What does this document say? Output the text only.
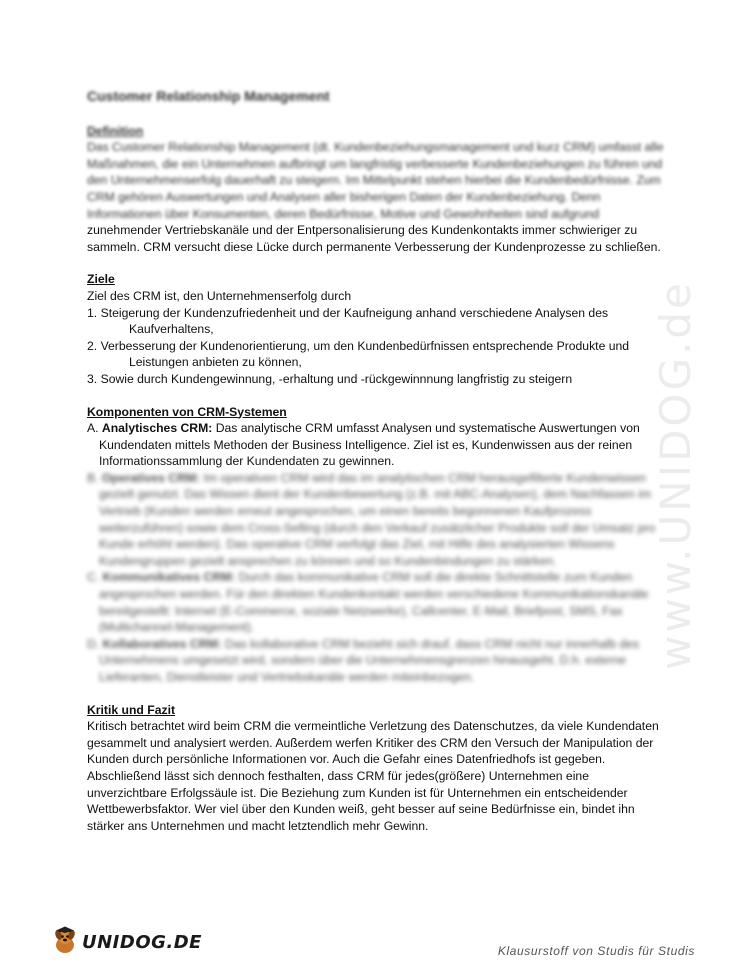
www.UNIDOG.de
Customer Relationship Management

Definition

Das Customer Relationship Management (dt. Kundenbeziehungsmanagement und kurz CRM) umfasst alle Maßnahmen, die ein Unternehmen aufbringt um langfristig verbesserte Kundenbeziehungen zu führen und den Unternehmenserfolg dauerhaft zu steigern. Im Mittelpunkt stehen hierbei die Kundenbedürfnisse. Zum CRM gehören Auswertungen und Analysen aller bisherigen Daten der Kundenbeziehung. Denn Informationen über Konsumenten, deren Bedürfnisse, Motive und Gewohnheiten sind aufgrund

zunehmender Vertriebskanäle und der Entpersonalisierung des Kundenkontakts immer schwieriger zu sammeln. CRM versucht diese Lücke durch permanente Verbesserung der Kundenprozesse zu schließen.

Ziele

Ziel des CRM ist, den Unternehmenserfolg durch

1. Steigerung der Kundenzufriedenheit und der Kaufneigung anhand verschiedene Analysen des Kaufverhaltens,

2. Verbesserung der Kundenorientierung, um den Kundenbedürfnissen entsprechende Produkte und Leistungen anbieten zu können,

3. Sowie durch Kundengewinnung, -erhaltung und -rückgewinnnung langfristig zu steigern

Komponenten von CRM-Systemen

A. Analytisches CRM: Das analytische CRM umfasst Analysen und systematische Auswertungen von Kundendaten mittels Methoden der Business Intelligence. Ziel ist es, Kundenwissen aus der reinen Informationssammlung der Kundendaten zu gewinnen.

B. Operatives CRM: Im operativen CRM wird das im analytischen CRM herausgefilterte Kundenwissen gezielt genutzt. Das Wissen dient der Kundenbewertung (z.B. mit ABC-Analysen), dem Nachfassen im Vertrieb (Kunden werden erneut angesprochen, um einen bereits begonnenen Kaufprozess weiterzuführen) sowie dem Cross-Selling (durch den Verkauf zusätzlicher Produkte soll der Umsatz pro Kunde erhöht werden). Das operative CRM verfolgt das Ziel, mit Hilfe des analysierten Wissens Kundengruppen gezielt ansprechen zu können und so Kundenbindungen zu stärken.

C. Kommunikatives CRM: Durch das kommunikative CRM soll die direkte Schnittstelle zum Kunden angesprochen werden. Für den direkten Kundenkontakt werden verschiedene Kommunikationskanäle bereitgestellt: Internet (E-Commerce, soziale Netzwerke), Callcenter, E-Mail, Briefpost, SMS, Fax (Multichannel-Management).

D. Kollaboratives CRM: Das kollaborative CRM bezieht sich drauf, dass CRM nicht nur innerhalb des Unternehmens umgesetzt wird, sondern über die Unternehmensgrenzen hinausgeht. D.h. externe Lieferanten, Dienstleister und Vertriebskanäle werden miteinbezogen.

Kritik und Fazit

Kritisch betrachtet wird beim CRM die vermeintliche Verletzung des Datenschutzes, da viele Kundendaten gesammelt und analysiert werden. Außerdem werfen Kritiker des CRM den Versuch der Manipulation der Kunden durch persönliche Informationen vor. Auch die Gefahr eines Datenfriedhofs ist gegeben. Abschließend lässt sich dennoch festhalten, dass CRM für jedes(größere) Unternehmen eine unverzichtbare Erfolgssäule ist. Die Beziehung zum Kunden ist für Unternehmen ein entscheidender Wettbewerbsfaktor. Wer viel über den Kunden weiß, geht besser auf seine Bedürfnisse ein, bindet ihn stärker ans Unternehmen und macht letztendlich mehr Gewinn.

UNIDOG.DE	Klausurstoff von Studis für Studis
